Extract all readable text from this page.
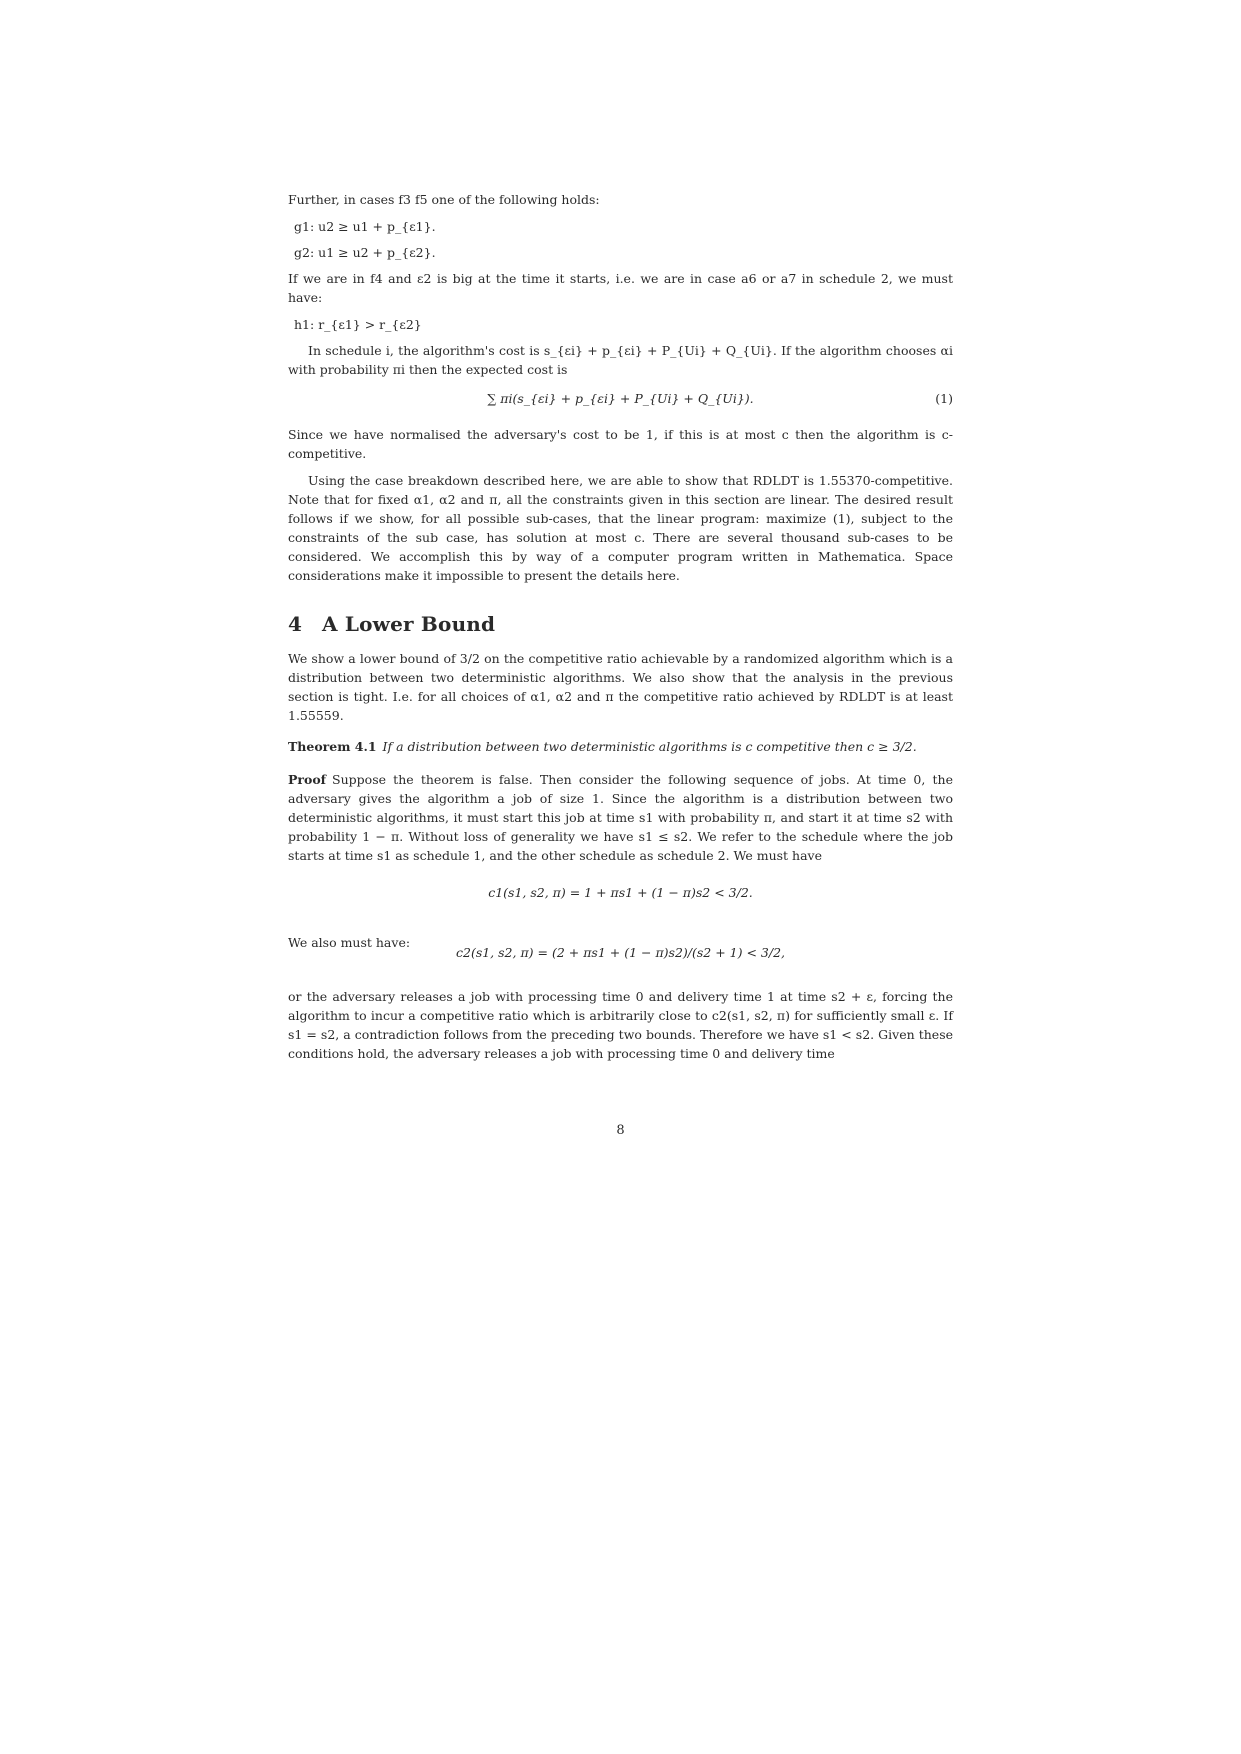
Further, in cases f3 f5 one of the following holds:

g1: u2 ≥ u1 + p_{ε1}.
g2: u1 ≥ u2 + p_{ε2}.

If we are in f4 and ε2 is big at the time it starts, i.e. we are in case a6 or a7 in schedule 2, we must have:

h1: r_{ε1} > r_{ε2}

In schedule i, the algorithm's cost is s_{εi} + p_{εi} + P_{Ui} + Q_{Ui}. If the algorithm chooses αi with probability πi then the expected cost is

∑ πi(s_{εi} + p_{εi} + P_{Ui} + Q_{Ui}).	(1)

Since we have normalised the adversary's cost to be 1, if this is at most c then the algorithm is c-competitive.

Using the case breakdown described here, we are able to show that RDLDT is 1.55370-competitive. Note that for fixed α1, α2 and π, all the constraints given in this section are linear. The desired result follows if we show, for all possible sub-cases, that the linear program: maximize (1), subject to the constraints of the sub case, has solution at most c. There are several thousand sub-cases to be considered. We accomplish this by way of a computer program written in Mathematica. Space considerations make it impossible to present the details here.

4 A Lower Bound

We show a lower bound of 3/2 on the competitive ratio achievable by a randomized algorithm which is a distribution between two deterministic algorithms. We also show that the analysis in the previous section is tight. I.e. for all choices of α1, α2 and π the competitive ratio achieved by RDLDT is at least 1.55559.

Theorem 4.1 If a distribution between two deterministic algorithms is c competitive then c ≥ 3/2.

Proof Suppose the theorem is false. Then consider the following sequence of jobs. At time 0, the adversary gives the algorithm a job of size 1. Since the algorithm is a distribution between two deterministic algorithms, it must start this job at time s1 with probability π, and start it at time s2 with probability 1 − π. Without loss of generality we have s1 ≤ s2. We refer to the schedule where the job starts at time s1 as schedule 1, and the other schedule as schedule 2. We must have

c1(s1, s2, π) = 1 + πs1 + (1 − π)s2 < 3/2.
We also must have:
c2(s1, s2, π) = (2 + πs1 + (1 − π)s2)/(s2 + 1) < 3/2,

or the adversary releases a job with processing time 0 and delivery time 1 at time s2 + ε, forcing the algorithm to incur a competitive ratio which is arbitrarily close to c2(s1, s2, π) for sufficiently small ε. If s1 = s2, a contradiction follows from the preceding two bounds. Therefore we have s1 < s2. Given these conditions hold, the adversary releases a job with processing time 0 and delivery time

8
